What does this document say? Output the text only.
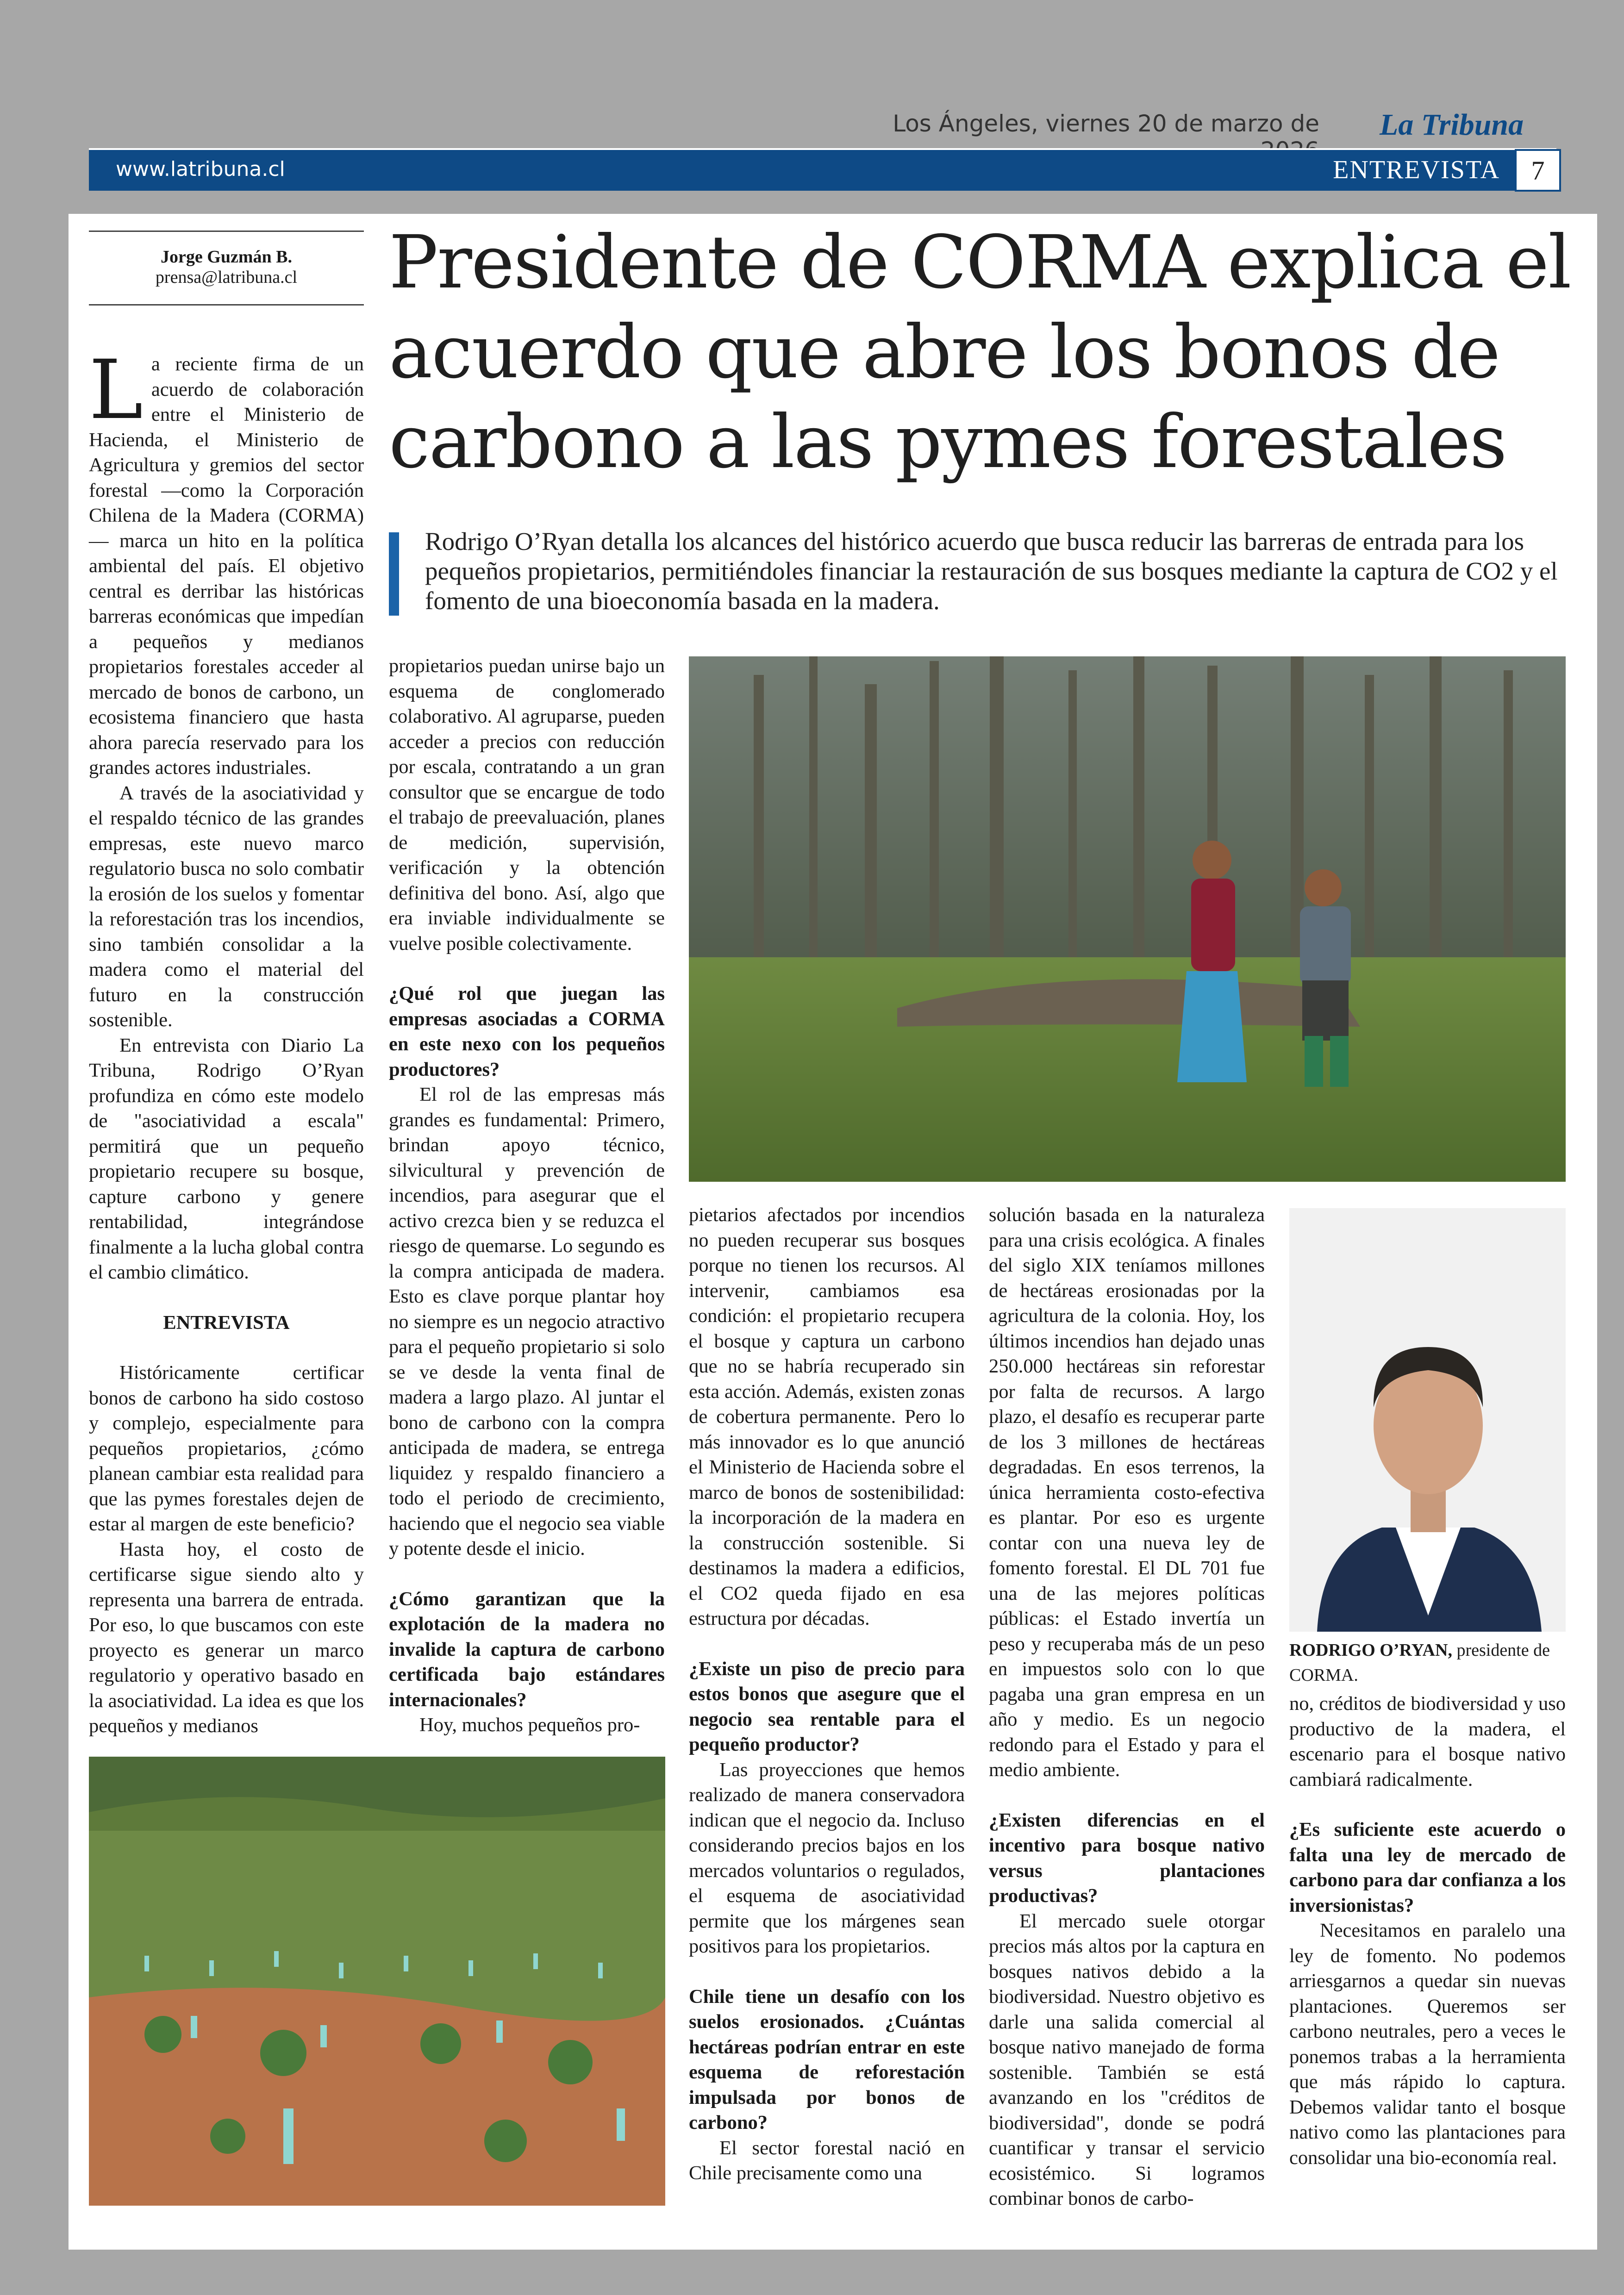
Los Ángeles, viernes 20 de marzo de La Tribuna
www.latribuna.cl	ENTREVISTA	7
Jorge Guzmán B.
prensa@latribuna.cl	Presidente de CORMA explica el acuerdo que abre los bonos de carbono a las pymes forestales

Rodrigo O’Ryan detalla los alcances del histórico acuerdo que busca reducir las barreras de entrada para los pequeños propietarios, permitiéndoles financiar la restauración de sus bosques mediante la captura de CO2 y el fomento de una bioeconomía basada en la madera.

La reciente firma de un acuerdo de colaboración entre el Ministerio de Hacienda, el Ministerio de Agricultura y gremios del sector forestal —como la Corporación Chilena de la Madera (CORMA) — marca un hito en la política ambiental del país. El objetivo central es derribar las históricas barreras económicas que impedían a pequeños y medianos propietarios forestales acceder al mercado de bonos de carbono, un ecosistema financiero que hasta ahora parecía reservado para los grandes actores industriales.

A través de la asociatividad y el respaldo técnico de las grandes empresas, este nuevo marco regulatorio busca no solo combatir la erosión de los suelos y fomentar la reforestación tras los incendios, sino también consolidar a la madera como el material del futuro en la construcción sostenible.

En entrevista con Diario La Tribuna, Rodrigo O’Ryan profundiza en cómo este modelo de "asociatividad a escala" permitirá que un pequeño propietario recupere su bosque, capture carbono y genere rentabilidad, integrándose finalmente a la lucha global contra el cambio climático.

ENTREVISTA

Históricamente certificar bonos de carbono ha sido costoso y complejo, especialmente para pequeños propietarios, ¿cómo planean cambiar esta realidad para que las pymes forestales dejen de estar al margen de este beneficio?

Hasta hoy, el costo de certificarse sigue siendo alto y representa una barrera de entrada. Por eso, lo que buscamos con este proyecto es generar un marco regulatorio y operativo basado en la asociatividad. La idea es que los pequeños y medianos

propietarios puedan unirse bajo un esquema de conglomerado colaborativo. Al agruparse, pueden acceder a precios con reducción por escala, contratando a un gran consultor que se encargue de todo el trabajo de preevaluación, planes de medición, supervisión, verificación y la obtención definitiva del bono. Así, algo que era inviable individualmente se vuelve posible colectivamente.

¿Qué rol que juegan las empresas asociadas a CORMA en este nexo con los pequeños productores?

El rol de las empresas más grandes es fundamental: Primero, brindan apoyo técnico, silvicultural y prevención de incendios, para asegurar que el activo crezca bien y se reduzca el riesgo de quemarse. Lo segundo es la compra anticipada de madera. Esto es clave porque plantar hoy no siempre es un negocio atractivo para el pequeño propietario si solo se ve desde la venta final de madera a largo plazo. Al juntar el bono de carbono con la compra anticipada de madera, se entrega liquidez y respaldo financiero a todo el periodo de crecimiento, haciendo que el negocio sea viable y potente desde el inicio.

¿Cómo garantizan que la explotación de la madera no invalide la captura de carbono certificada bajo estándares internacionales?

Hoy, muchos pequeños pro-

pietarios afectados por incendios no pueden recuperar sus bosques porque no tienen los recursos. Al intervenir, cambiamos esa condición: el propietario recupera el bosque y captura un carbono que no se habría recuperado sin esta acción. Además, existen zonas de cobertura permanente. Pero lo más innovador es lo que anunció el Ministerio de Hacienda sobre el marco de bonos de sostenibilidad: la incorporación de la madera en la construcción sostenible. Si destinamos la madera a edificios, el CO2 queda fijado en esa estructura por décadas.

¿Existe un piso de precio para estos bonos que asegure que el negocio sea rentable para el pequeño productor?

Las proyecciones que hemos realizado de manera conservadora indican que el negocio da. Incluso considerando precios bajos en los mercados voluntarios o regulados, el esquema de asociatividad permite que los márgenes sean positivos para los propietarios.

Chile tiene un desafío con los suelos erosionados. ¿Cuántas hectáreas podrían entrar en este esquema de reforestación impulsada por bonos de carbono?

El sector forestal nació en Chile precisamente como una

solución basada en la naturaleza para una crisis ecológica. A finales del siglo XIX teníamos millones de hectáreas erosionadas por la agricultura de la colonia. Hoy, los últimos incendios han dejado unas 250.000 hectáreas sin reforestar por falta de recursos. A largo plazo, el desafío es recuperar parte de los 3 millones de hectáreas degradadas. En esos terrenos, la única herramienta costo-efectiva es plantar. Por eso es urgente contar con una nueva ley de fomento forestal. El DL 701 fue una de las mejores políticas públicas: el Estado invertía un peso y recuperaba más de un peso en impuestos solo con lo que pagaba una gran empresa en un año y medio. Es un negocio redondo para el Estado y para el medio ambiente.

¿Existen diferencias en el incentivo para bosque nativo versus plantaciones productivas?

El mercado suele otorgar precios más altos por la captura en bosques nativos debido a la biodiversidad. Nuestro objetivo es darle una salida comercial al bosque nativo manejado de forma sostenible. También se está avanzando en los "créditos de biodiversidad", donde se podrá cuantificar y transar el servicio ecosistémico. Si logramos combinar bonos de carbo-

RODRIGO O’RYAN, presidente de CORMA.

no, créditos de biodiversidad y uso productivo de la madera, el escenario para el bosque nativo cambiará radicalmente.

¿Es suficiente este acuerdo o falta una ley de mercado de carbono para dar confianza a los inversionistas?

Necesitamos en paralelo una ley de fomento. No podemos arriesgarnos a quedar sin nuevas plantaciones. Queremos ser carbono neutrales, pero a veces le ponemos trabas a la herramienta que más rápido lo captura. Debemos validar tanto el bosque nativo como las plantaciones para consolidar una bio-economía real.
